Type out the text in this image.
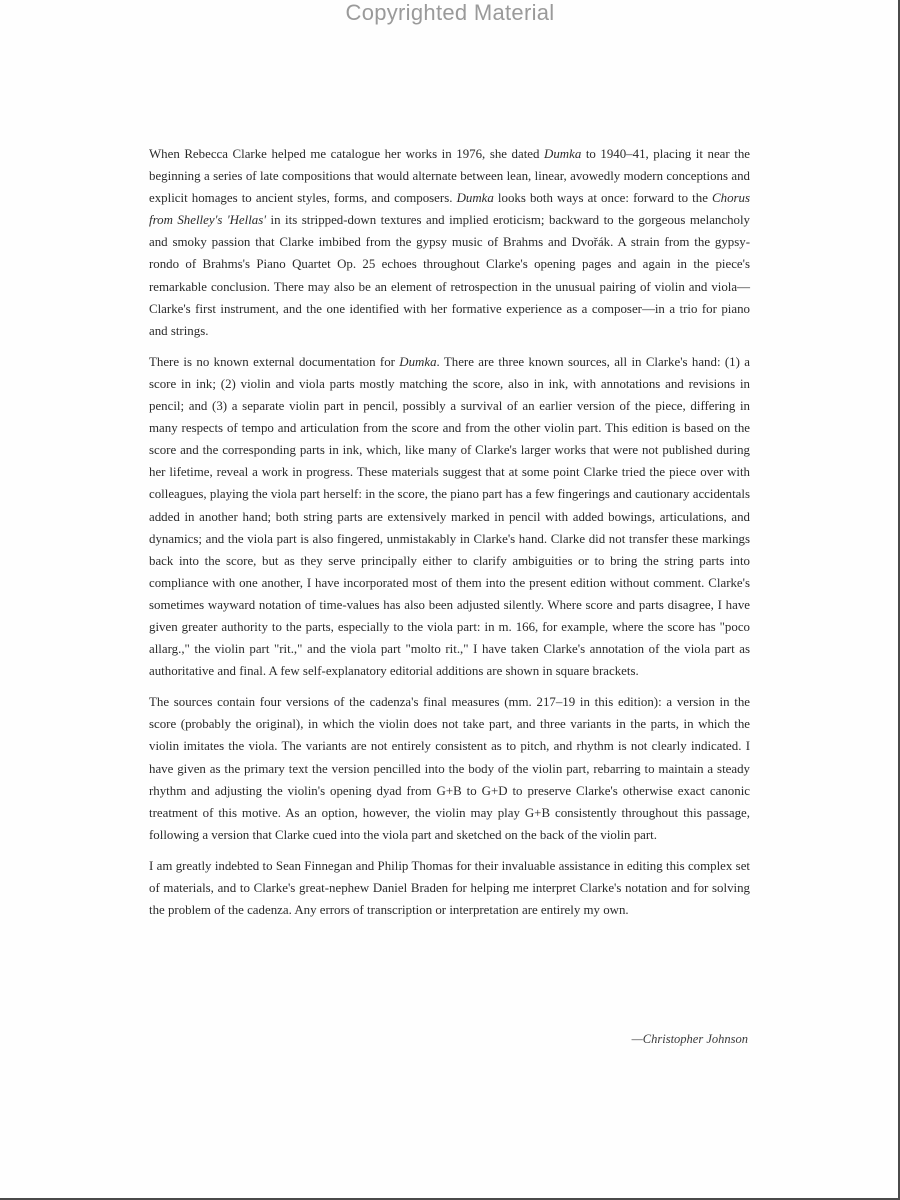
Copyrighted Material

When Rebecca Clarke helped me catalogue her works in 1976, she dated Dumka to 1940–41, placing it near the beginning a series of late compositions that would alternate between lean, linear, avowedly modern conceptions and explicit homages to ancient styles, forms, and composers. Dumka looks both ways at once: forward to the Chorus from Shelley's 'Hellas' in its stripped-down textures and implied eroticism; backward to the gorgeous melancholy and smoky passion that Clarke imbibed from the gypsy music of Brahms and Dvořák. A strain from the gypsy-rondo of Brahms's Piano Quartet Op. 25 echoes throughout Clarke's opening pages and again in the piece's remarkable conclusion. There may also be an element of retrospection in the unusual pairing of violin and viola—Clarke's first instrument, and the one identified with her formative experience as a composer—in a trio for piano and strings.

There is no known external documentation for Dumka. There are three known sources, all in Clarke's hand: (1) a score in ink; (2) violin and viola parts mostly matching the score, also in ink, with annotations and revisions in pencil; and (3) a separate violin part in pencil, possibly a survival of an earlier version of the piece, differing in many respects of tempo and articulation from the score and from the other violin part. This edition is based on the score and the corresponding parts in ink, which, like many of Clarke's larger works that were not published during her lifetime, reveal a work in progress. These materials suggest that at some point Clarke tried the piece over with colleagues, playing the viola part herself: in the score, the piano part has a few fingerings and cautionary accidentals added in another hand; both string parts are extensively marked in pencil with added bowings, articulations, and dynamics; and the viola part is also fingered, unmistakably in Clarke's hand. Clarke did not transfer these markings back into the score, but as they serve principally either to clarify ambiguities or to bring the string parts into compliance with one another, I have incorporated most of them into the present edition without comment. Clarke's sometimes wayward notation of time-values has also been adjusted silently. Where score and parts disagree, I have given greater authority to the parts, especially to the viola part: in m. 166, for example, where the score has "poco allarg.," the violin part "rit.," and the viola part "molto rit.," I have taken Clarke's annotation of the viola part as authoritative and final. A few self-explanatory editorial additions are shown in square brackets.

The sources contain four versions of the cadenza's final measures (mm. 217–19 in this edition): a version in the score (probably the original), in which the violin does not take part, and three variants in the parts, in which the violin imitates the viola. The variants are not entirely consistent as to pitch, and rhythm is not clearly indicated. I have given as the primary text the version pencilled into the body of the violin part, rebarring to maintain a steady rhythm and adjusting the violin's opening dyad from G+B to G+D to preserve Clarke's otherwise exact canonic treatment of this motive. As an option, however, the violin may play G+B consistently throughout this passage, following a version that Clarke cued into the viola part and sketched on the back of the violin part.

I am greatly indebted to Sean Finnegan and Philip Thomas for their invaluable assistance in editing this complex set of materials, and to Clarke's great-nephew Daniel Braden for helping me interpret Clarke's notation and for solving the problem of the cadenza. Any errors of transcription or interpretation are entirely my own.

—Christopher Johnson
